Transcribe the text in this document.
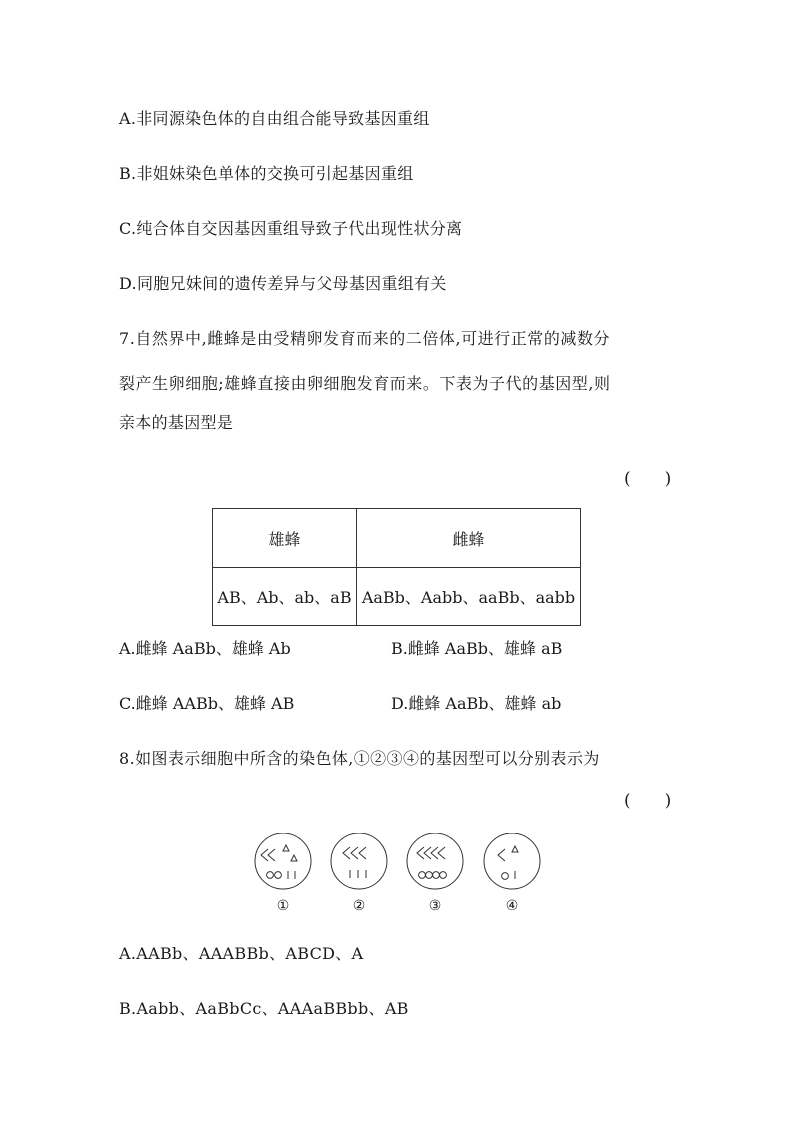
A.非同源染色体的自由组合能导致基因重组
B.非姐妹染色单体的交换可引起基因重组
C.纯合体自交因基因重组导致子代出现性状分离
D.同胞兄妹间的遗传差异与父母基因重组有关
7.自然界中,雌蜂是由受精卵发育而来的二倍体,可进行正常的减数分
裂产生卵细胞;雄蜂直接由卵细胞发育而来。下表为子代的基因型,则
亲本的基因型是
(　　)
雄蜂	雌蜂
AB、Ab、ab、aB	AaBb、Aabb、aaBb、aabb
A.雌蜂 AaBb、雄蜂 Ab	B.雌蜂 AaBb、雄蜂 aB
C.雌蜂 AABb、雄蜂 AB	D.雌蜂 AaBb、雄蜂 ab
8.如图表示细胞中所含的染色体,①②③④的基因型可以分别表示为
(　　)
①	②	③	④
A.AABb、AAABBb、ABCD、A
B.Aabb、AaBbCc、AAAaBBbb、AB
